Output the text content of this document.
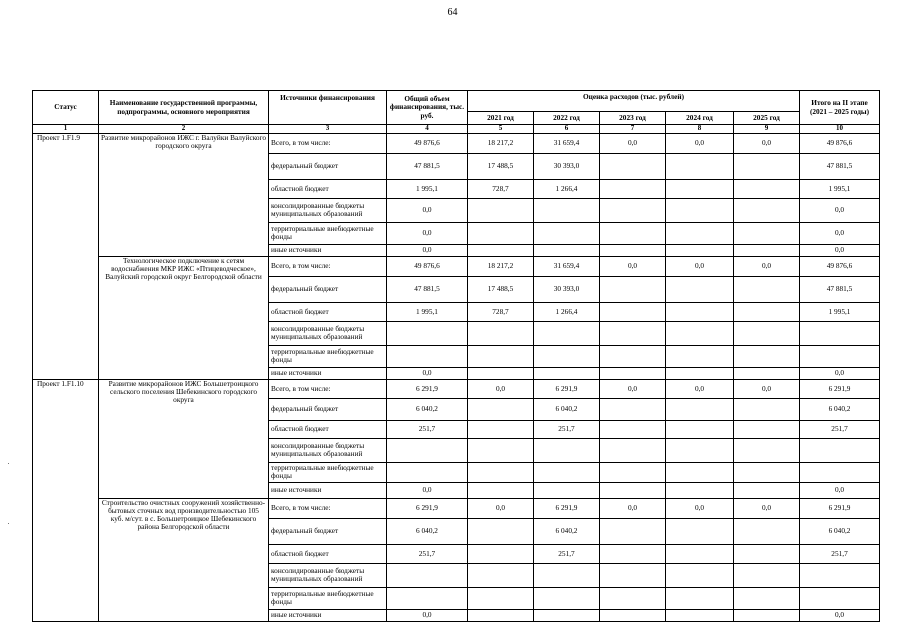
64
Статус	Наименование государственной программы, подпрограммы, основного мероприятия	Источники финансирования	Общий объем финансирования, тыс. руб.	Оценка расходов (тыс. рублей)					Итого на II этапе (2021 – 2025 годы)
				2021 год	2022 год	2023 год	2024 год	2025 год	
1	2	3	4	5	6	7	8	9	10
Проект 1.F1.9	Развитие микрорайонов ИЖС г. Валуйки Валуйского городского округа	Всего, в том числе:	49 876,6	18 217,2	31 659,4	0,0	0,0	0,0	49 876,6
		федеральный бюджет	47 881,5	17 488,5	30 393,0				47 881,5
		областной бюджет	1 995,1	728,7	1 266,4				1 995,1
		консолидированные бюджеты муниципальных образований	0,0						0,0
		территориальные внебюджетные фонды	0,0						0,0
		иные источники	0,0						0,0
	Технологическое подключение к сетям водоснабжения МКР ИЖС «Птицеводческое», Валуйский городской округ Белгородской области	Всего, в том числе:	49 876,6	18 217,2	31 659,4	0,0	0,0	0,0	49 876,6
		федеральный бюджет	47 881,5	17 488,5	30 393,0				47 881,5
		областной бюджет	1 995,1	728,7	1 266,4				1 995,1
		консолидированные бюджеты муниципальных образований							
		территориальные внебюджетные фонды							
		иные источники	0,0						0,0
Проект 1.F1.10	Развитие микрорайонов ИЖС Большетроицкого сельского поселения Шебекинского городского округа	Всего, в том числе:	6 291,9	0,0	6 291,9	0,0	0,0	0,0	6 291,9
		федеральный бюджет	6 040,2		6 040,2				6 040,2
		областной бюджет	251,7		251,7				251,7
		консолидированные бюджеты муниципальных образований							
		территориальные внебюджетные фонды							
		иные источники	0,0						0,0
	Строительство очистных сооружений хозяйственно-бытовых сточных вод производительностью 105 куб. м/сут. в с. Большетроицкое Шебекинского района Белгородской области	Всего, в том числе:	6 291,9	0,0	6 291,9	0,0	0,0	0,0	6 291,9
		федеральный бюджет	6 040,2		6 040,2				6 040,2
		областной бюджет	251,7		251,7				251,7
		консолидированные бюджеты муниципальных образований							
		территориальные внебюджетные фонды							
		иные источники	0,0						0,0
